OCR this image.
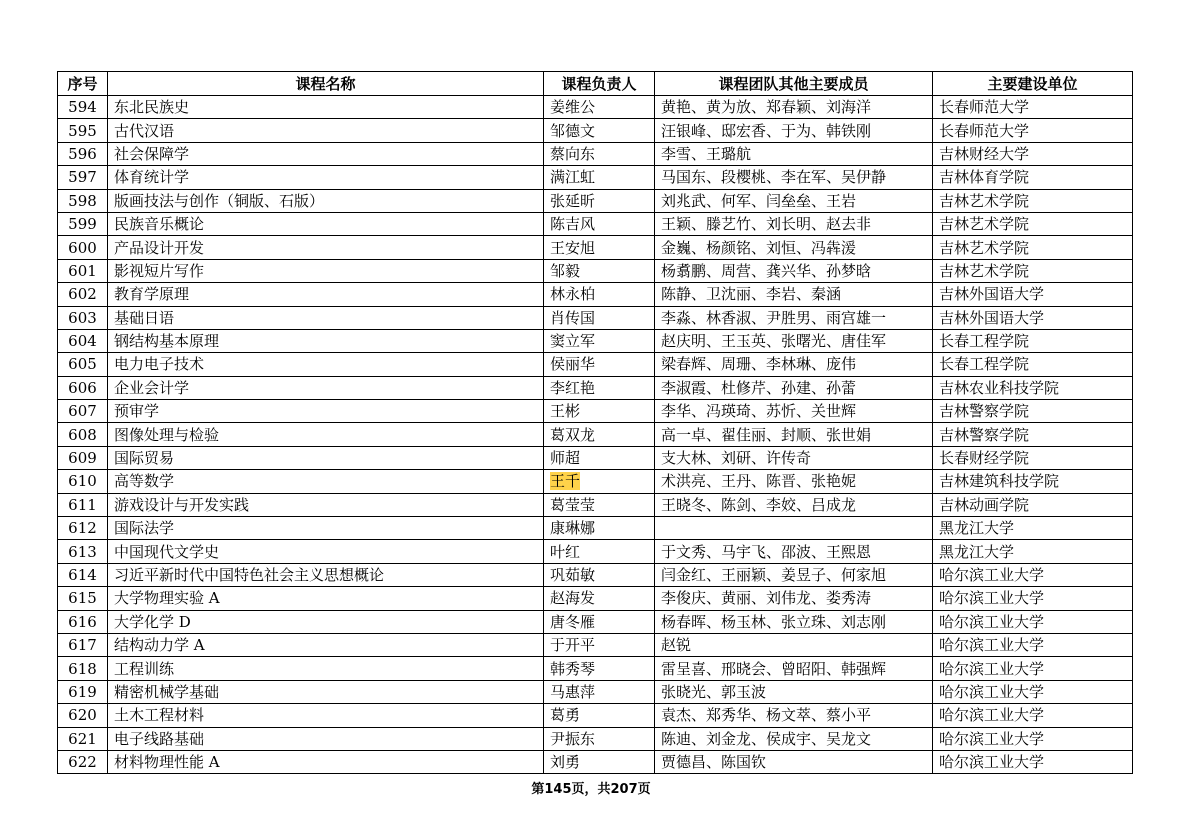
序号	课程名称	课程负责人	课程团队其他主要成员	主要建设单位
594	东北民族史	姜维公	黄艳、黄为放、郑春颖、刘海洋	长春师范大学
595	古代汉语	邹德文	汪银峰、邸宏香、于为、韩铁刚	长春师范大学
596	社会保障学	蔡向东	李雪、王璐航	吉林财经大学
597	体育统计学	满江虹	马国东、段樱桃、李在军、吴伊静	吉林体育学院
598	版画技法与创作（铜版、石版）	张延昕	刘兆武、何军、闫垒垒、王岩	吉林艺术学院
599	民族音乐概论	陈吉风	王颖、滕艺竹、刘长明、赵去非	吉林艺术学院
600	产品设计开发	王安旭	金巍、杨颜铭、刘恒、冯犇湲	吉林艺术学院
601	影视短片写作	邹毅	杨翥鹏、周营、龚兴华、孙梦晗	吉林艺术学院
602	教育学原理	林永柏	陈静、卫沈丽、李岩、秦涵	吉林外国语大学
603	基础日语	肖传国	李淼、林香淑、尹胜男、雨宫雄一	吉林外国语大学
604	钢结构基本原理	窦立军	赵庆明、王玉英、张曙光、唐佳军	长春工程学院
605	电力电子技术	侯丽华	梁春辉、周珊、李林琳、庞伟	长春工程学院
606	企业会计学	李红艳	李淑霞、杜修芹、孙建、孙蕾	吉林农业科技学院
607	预审学	王彬	李华、冯瑛琦、苏忻、关世辉	吉林警察学院
608	图像处理与检验	葛双龙	高一卓、翟佳丽、封顺、张世娟	吉林警察学院
609	国际贸易	师超	支大林、刘研、许传奇	长春财经学院
610	高等数学	王千	术洪亮、王丹、陈晋、张艳妮	吉林建筑科技学院
611	游戏设计与开发实践	葛莹莹	王晓冬、陈剑、李姣、吕成龙	吉林动画学院
612	国际法学	康琳娜		黑龙江大学
613	中国现代文学史	叶红	于文秀、马宇飞、邵波、王熙恩	黑龙江大学
614	习近平新时代中国特色社会主义思想概论	巩茹敏	闫金红、王丽颖、姜昱子、何家旭	哈尔滨工业大学
615	大学物理实验 A	赵海发	李俊庆、黄丽、刘伟龙、娄秀涛	哈尔滨工业大学
616	大学化学 D	唐冬雁	杨春晖、杨玉林、张立珠、刘志刚	哈尔滨工业大学
617	结构动力学 A	于开平	赵锐	哈尔滨工业大学
618	工程训练	韩秀琴	雷呈喜、邢晓会、曾昭阳、韩强辉	哈尔滨工业大学
619	精密机械学基础	马惠萍	张晓光、郭玉波	哈尔滨工业大学
620	土木工程材料	葛勇	袁杰、郑秀华、杨文萃、蔡小平	哈尔滨工业大学
621	电子线路基础	尹振东	陈迪、刘金龙、侯成宇、吴龙文	哈尔滨工业大学
622	材料物理性能 A	刘勇	贾德昌、陈国钦	哈尔滨工业大学
第145页，共207页
